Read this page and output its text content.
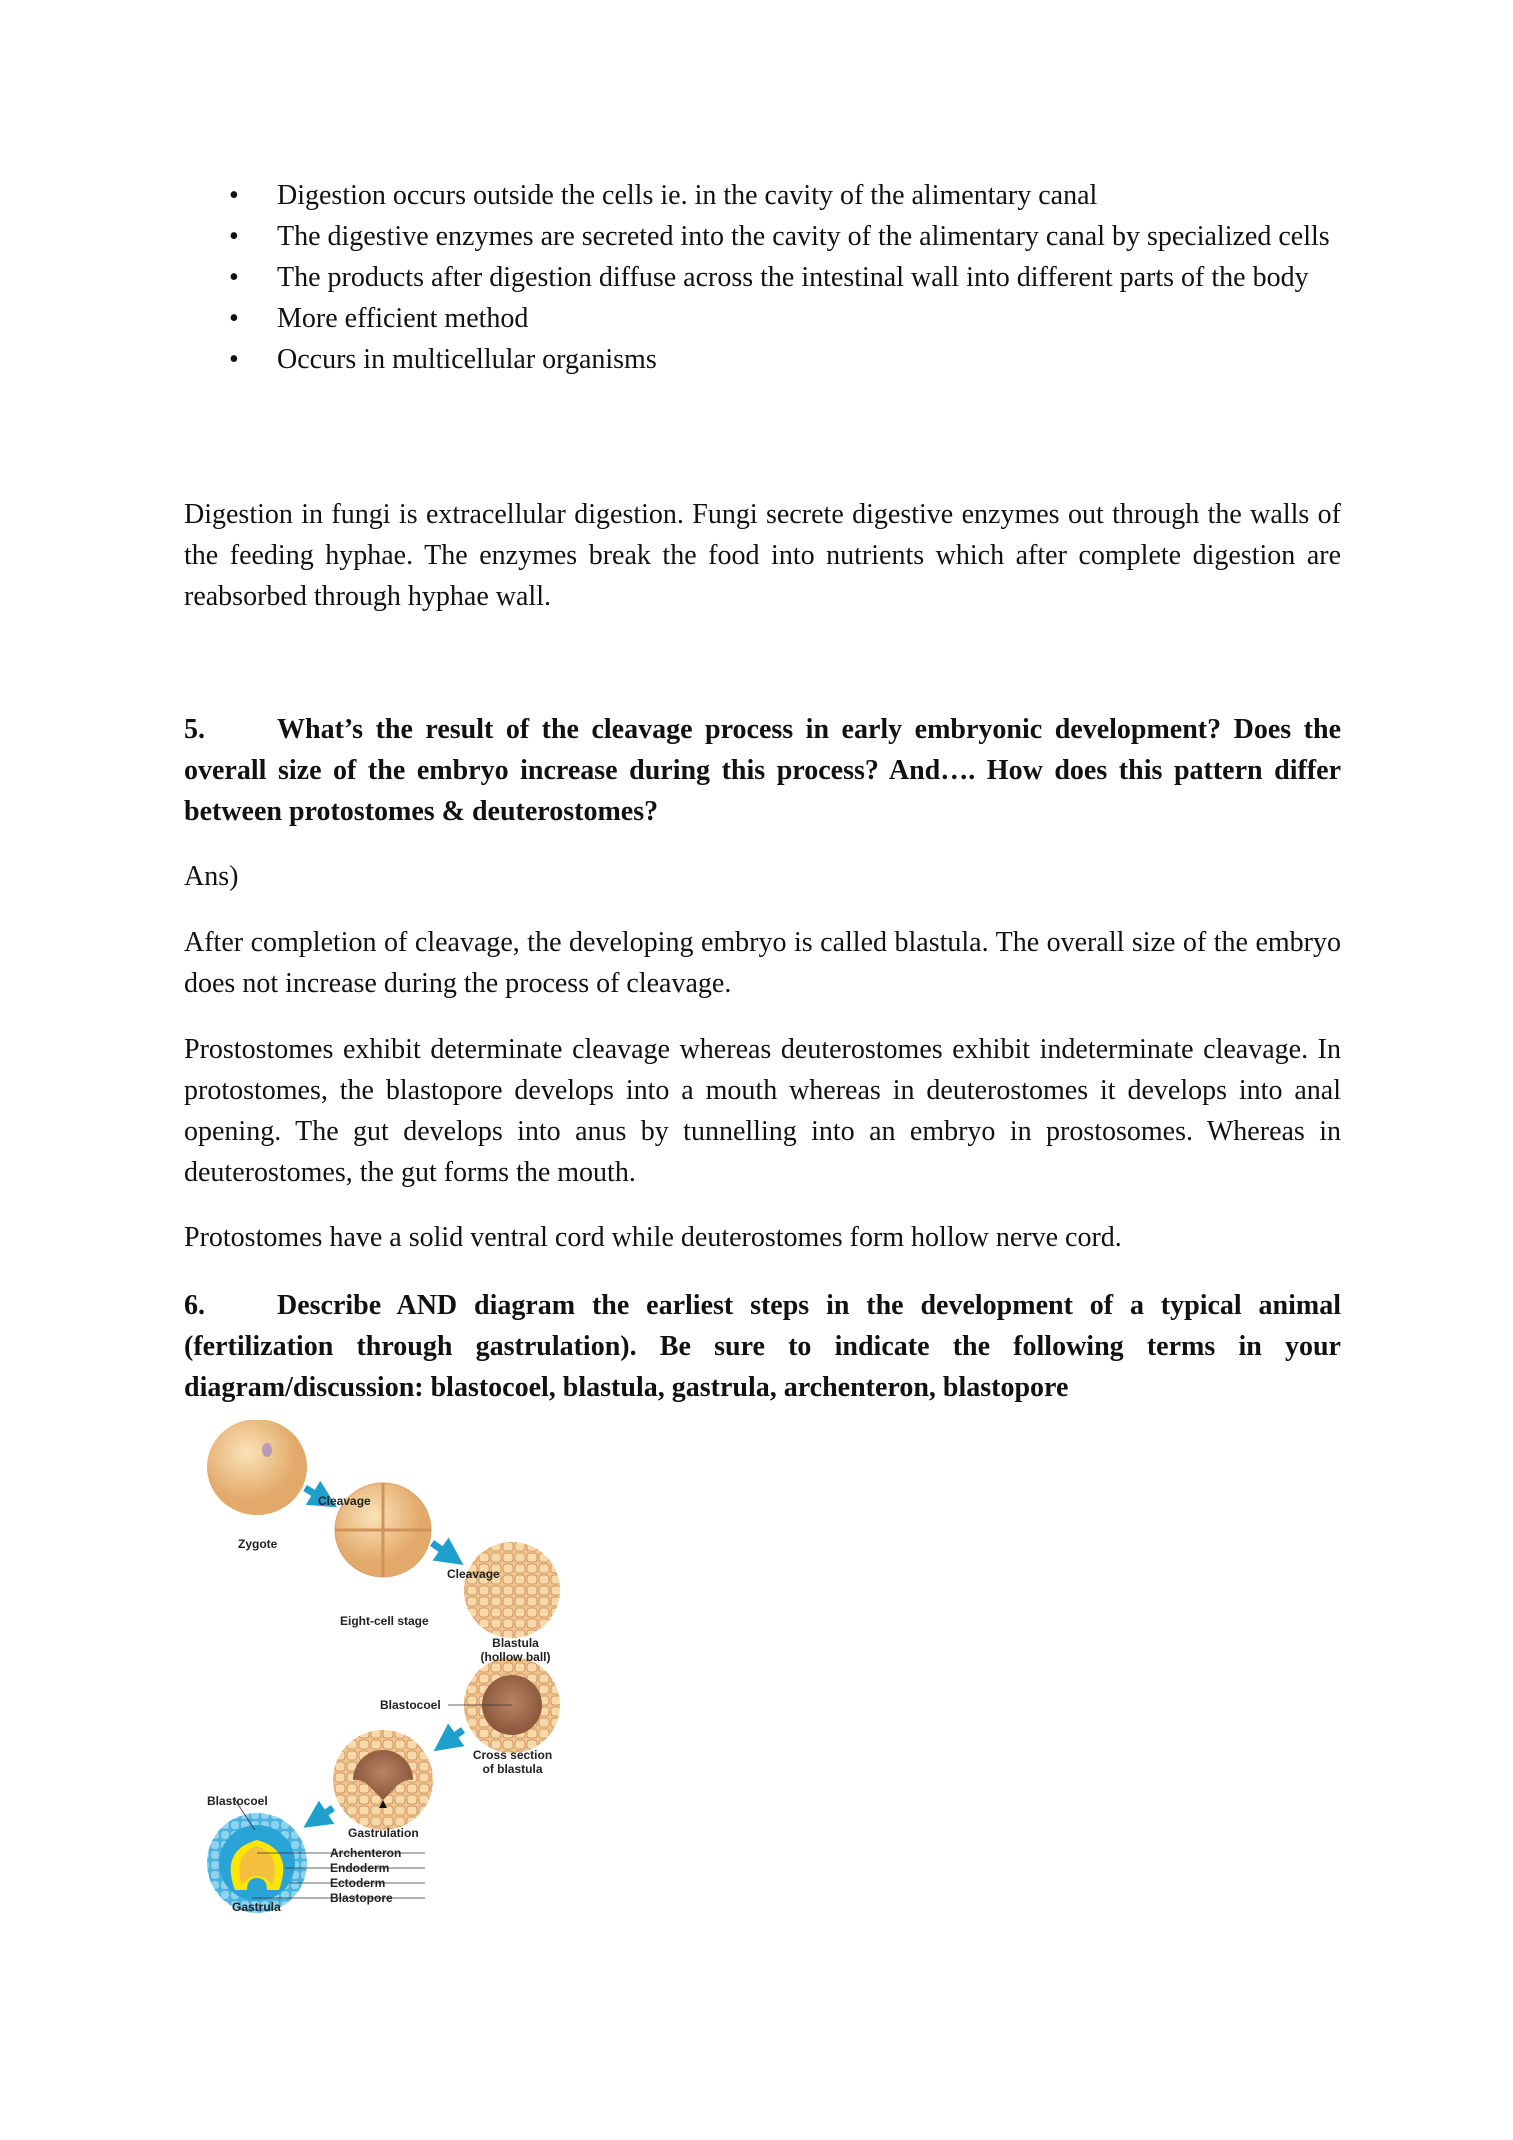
• Digestion occurs outside the cells ie. in the cavity of the alimentary canal
• The digestive enzymes are secreted into the cavity of the alimentary canal by specialized cells
• The products after digestion diffuse across the intestinal wall into different parts of the body
• More efficient method
• Occurs in multicellular organisms

Digestion in fungi is extracellular digestion. Fungi secrete digestive enzymes out through the walls of the feeding hyphae. The enzymes break the food into nutrients which after complete digestion are reabsorbed through hyphae wall.

5.	What’s the result of the cleavage process in early embryonic development? Does the overall size of the embryo increase during this process? And…. How does this pattern differ between protostomes & deuterostomes?

Ans)

After completion of cleavage, the developing embryo is called blastula. The overall size of the embryo does not increase during the process of cleavage.

Prostostomes exhibit determinate cleavage whereas deuterostomes exhibit indeterminate cleavage. In protostomes, the blastopore develops into a mouth whereas in deuterostomes it develops into anal opening. The gut develops into anus by tunnelling into an embryo in prostosomes. Whereas in deuterostomes, the gut forms the mouth.

Protostomes have a solid ventral cord while deuterostomes form hollow nerve cord.

6.	Describe AND diagram the earliest steps in the development of a typical animal (fertilization through gastrulation). Be sure to indicate the following terms in your diagram/discussion: blastocoel, blastula, gastrula, archenteron, blastopore

Cleavage
Zygote
Cleavage
Eight-cell stage
Blastula
(hollow ball)
Blastocoel
Cross section
of blastula
Blastocoel
Gastrulation
Archenteron
Endoderm
Ectoderm
Blastopore
Gastrula
